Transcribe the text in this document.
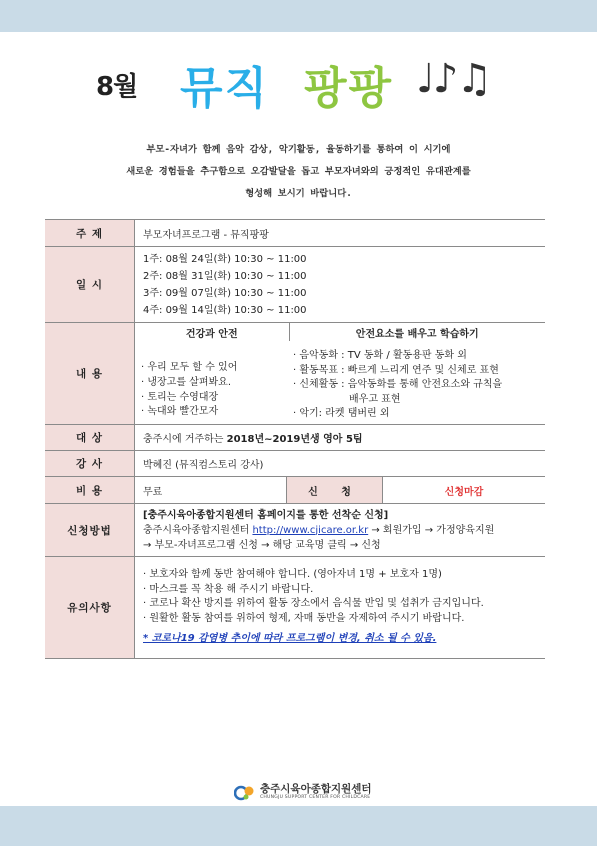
8월 뮤직 팡팡 ♩♪♫
부모-자녀가 함께 음악 감상, 악기활동, 율동하기를 통하여 이 시기에
새로운 경험들을 추구함으로 오감발달을 돕고 부모자녀와의 긍정적인 유대관계를
형성해 보시기 바랍니다.
주 제	부모자녀프로그램 - 뮤직팡팡
일 시	
1주: 08월 24일(화) 10:30 ~ 11:00
2주: 08월 31일(화) 10:30 ~ 11:00
3주: 09월 07일(화) 10:30 ~ 11:00
4주: 09월 14일(화) 10:30 ~ 11:00

내 용	
건강과 안전	안전요소를 배우고 학습하기

· 우리 모두 할 수 있어
· 냉장고를 살펴봐요.
· 토리는 수영대장
· 녹대와 빨간모자

· 음악동화 : TV 동화 / 활동용판 동화 외
· 활동목표 : 빠르게 느리게 연주 및 신체로 표현
· 신체활동 : 음악동화를 통해 안전요소와 규칙을
배우고 표현
· 악기: 라켓 탬버린 외

대 상	충주시에 거주하는 2018년~2019년생 영아 5팀
강 사	박혜진 (뮤직컴스토리 강사)
비 용	무료	신 청	신청마감
신청방법	
[충주시육아종합지원센터 홈페이지를 통한 선착순 신청]
충주시육아종합지원센터 http://www.cjicare.or.kr → 회원가입 → 가정양육지원
→ 부모-자녀프로그램 신청 → 해당 교육명 클릭 → 신청

유의사항	
· 보호자와 함께 동반 참여해야 합니다. (영아자녀 1명 + 보호자 1명)
· 마스크를 꼭 착용 해 주시기 바랍니다.
· 코로나 확산 방지를 위하여 활동 장소에서 음식물 반입 및 섭취가 금지입니다.
· 원활한 활동 참여를 위하여 형제, 자매 동반을 자제하여 주시기 바랍니다.
* 코로나19 감염병 추이에 따라 프로그램이 변경, 취소 될 수 있음.
충주시육아종합지원센터
CHUNGJU SUPPORT CENTER FOR CHILDCARE
